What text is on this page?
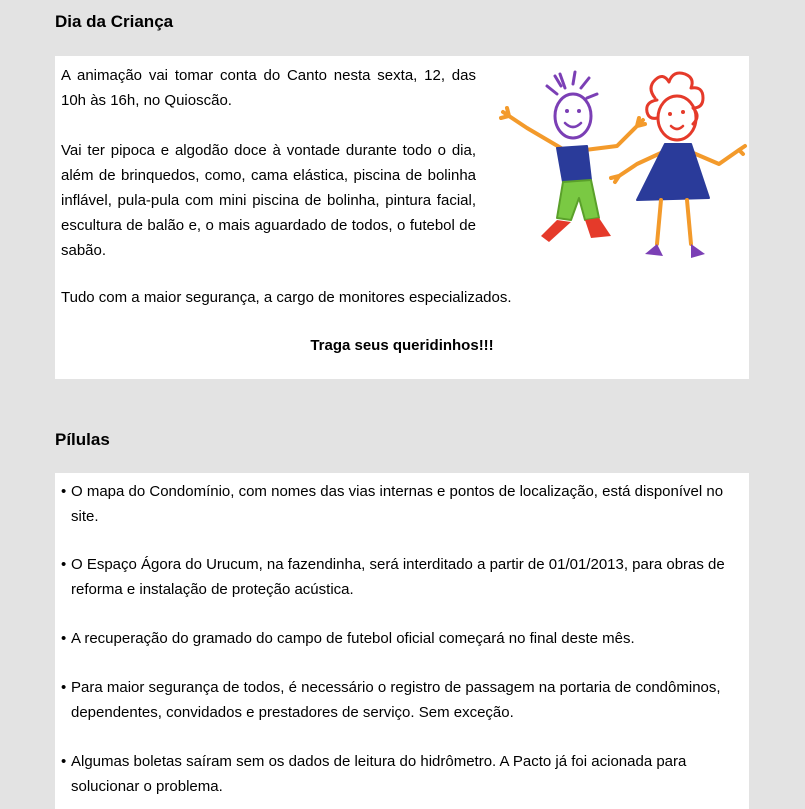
Dia da Criança

A animação vai tomar conta do Canto nesta sexta, 12, das 10h às 16h, no Quioscão.

Vai ter pipoca e algodão doce à vontade durante todo o dia, além de brinquedos, como, cama elástica, piscina de bolinha inflável, pula-pula com mini piscina de bolinha, pintura facial, escultura de balão e, o mais aguardado de todos, o futebol de sabão.

Tudo com a maior segurança, a cargo de monitores especializados.

Traga seus queridinhos!!!

Pílulas
• O mapa do Condomínio, com nomes das vias internas e pontos de localização, está disponível no site.
• O Espaço Ágora do Urucum, na fazendinha, será interditado a partir de 01/01/2013, para obras de reforma e instalação de proteção acústica.
• A recuperação do gramado do campo de futebol oficial começará no final deste mês.
• Para maior segurança de todos, é necessário o registro de passagem na portaria de condôminos, dependentes, convidados e prestadores de serviço. Sem exceção.
• Algumas boletas saíram sem os dados de leitura do hidrômetro. A Pacto já foi acionada para solucionar o problema.
